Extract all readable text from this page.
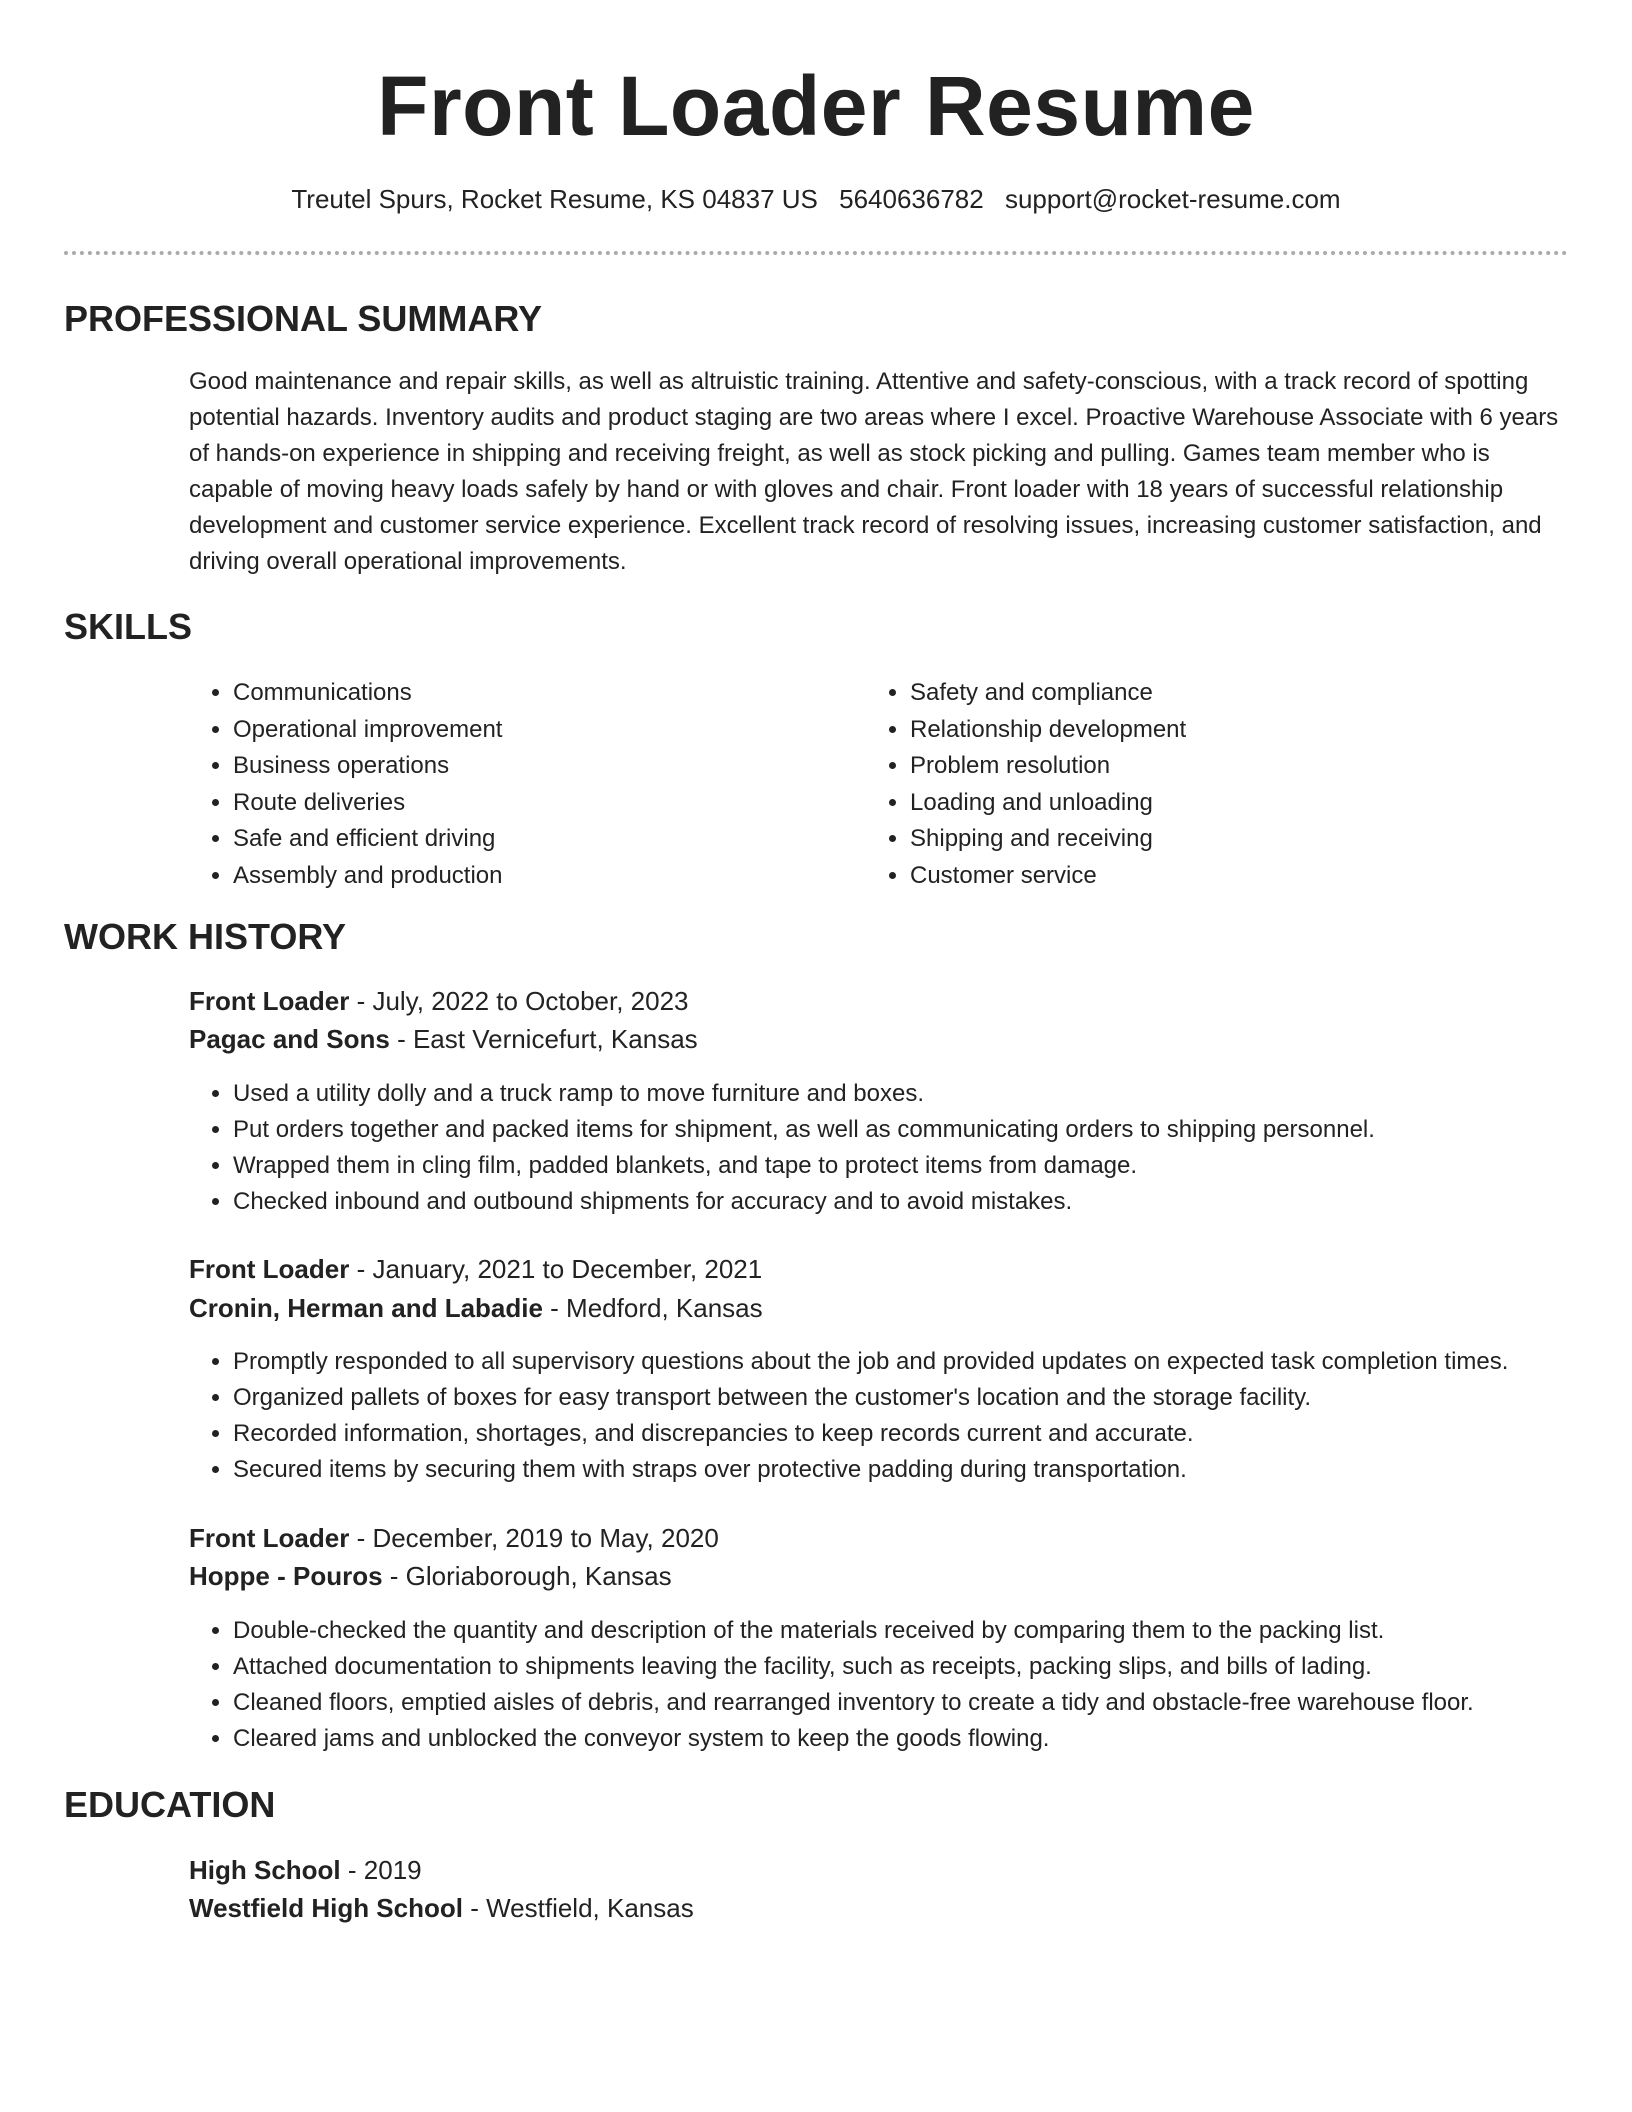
Front Loader Resume
Treutel Spurs, Rocket Resume, KS 04837 US 5640636782 support@rocket-resume.com
PROFESSIONAL SUMMARY

Good maintenance and repair skills, as well as altruistic training. Attentive and safety-conscious, with a track record of spotting potential hazards. Inventory audits and product staging are two areas where I excel. Proactive Warehouse Associate with 6 years of hands-on experience in shipping and receiving freight, as well as stock picking and pulling. Games team member who is capable of moving heavy loads safely by hand or with gloves and chair. Front loader with 18 years of successful relationship development and customer service experience. Excellent track record of resolving issues, increasing customer satisfaction, and driving overall operational improvements.

SKILLS
• Communications
• Operational improvement
• Business operations
• Route deliveries
• Safe and efficient driving
• Assembly and production
• Safety and compliance
• Relationship development
• Problem resolution
• Loading and unloading
• Shipping and receiving
• Customer service
WORK HISTORY
Front Loader - July, 2022 to October, 2023
Pagac and Sons - East Vernicefurt, Kansas
• Used a utility dolly and a truck ramp to move furniture and boxes.
• Put orders together and packed items for shipment, as well as communicating orders to shipping personnel.
• Wrapped them in cling film, padded blankets, and tape to protect items from damage.
• Checked inbound and outbound shipments for accuracy and to avoid mistakes.
Front Loader - January, 2021 to December, 2021
Cronin, Herman and Labadie - Medford, Kansas
• Promptly responded to all supervisory questions about the job and provided updates on expected task completion times.
• Organized pallets of boxes for easy transport between the customer's location and the storage facility.
• Recorded information, shortages, and discrepancies to keep records current and accurate.
• Secured items by securing them with straps over protective padding during transportation.
Front Loader - December, 2019 to May, 2020
Hoppe - Pouros - Gloriaborough, Kansas
• Double-checked the quantity and description of the materials received by comparing them to the packing list.
• Attached documentation to shipments leaving the facility, such as receipts, packing slips, and bills of lading.
• Cleaned floors, emptied aisles of debris, and rearranged inventory to create a tidy and obstacle-free warehouse floor.
• Cleared jams and unblocked the conveyor system to keep the goods flowing.
EDUCATION
High School - 2019
Westfield High School - Westfield, Kansas
